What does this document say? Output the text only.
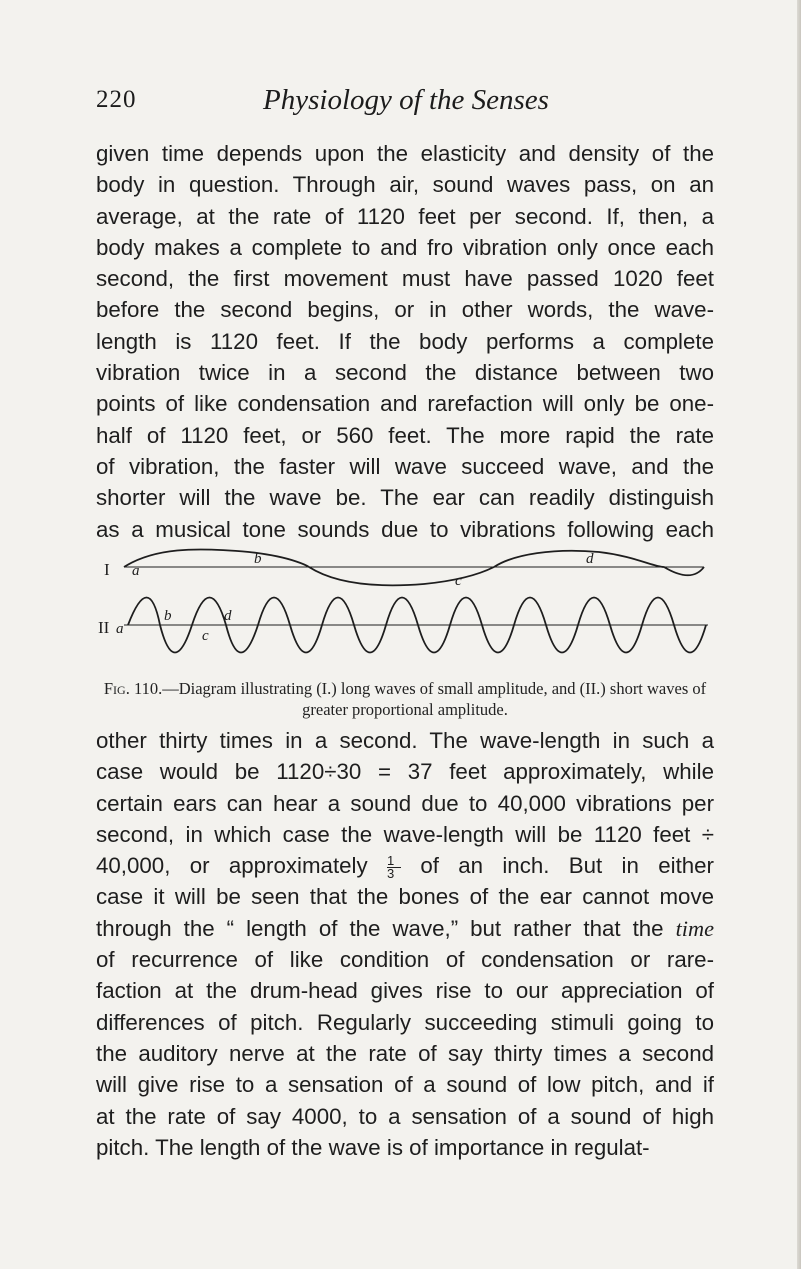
220	Physiology of the Senses
given time depends upon the elasticity and density of the
body in question. Through air, sound waves pass, on an
average, at the rate of 1120 feet per second. If, then, a
body makes a complete to and fro vibration only once each
second, the first movement must have passed 1020 feet
before the second begins, or in other words, the wave-
length is 1120 feet. If the body performs a complete
vibration twice in a second the distance between two
points of like condensation and rarefaction will only be one-
half of 1120 feet, or 560 feet. The more rapid the rate
of vibration, the faster will wave succeed wave, and the
shorter will the wave be. The ear can readily distinguish
as a musical tone sounds due to vibrations following each
I
II
a
b
c
d
a
b
c
d
Fig. 110.—Diagram illustrating (I.) long waves of small amplitude, and (II.) short waves of greater proportional amplitude.
other thirty times in a second. The wave-length in such a
case would be 1120÷30 = 37 feet approximately, while
certain ears can hear a sound due to 40,000 vibrations per
second, in which case the wave-length will be 1120 feet ÷
40,000, or approximately $\frac{1}{3}$ of an inch. But in either
case it will be seen that the bones of the ear cannot move
through the “ length of the wave,” but rather that the time
of recurrence of like condition of condensation or rare-
faction at the drum-head gives rise to our appreciation of
differences of pitch. Regularly succeeding stimuli going to
the auditory nerve at the rate of say thirty times a second
will give rise to a sensation of a sound of low pitch, and if
at the rate of say 4000, to a sensation of a sound of high
pitch. The length of the wave is of importance in regulat-
